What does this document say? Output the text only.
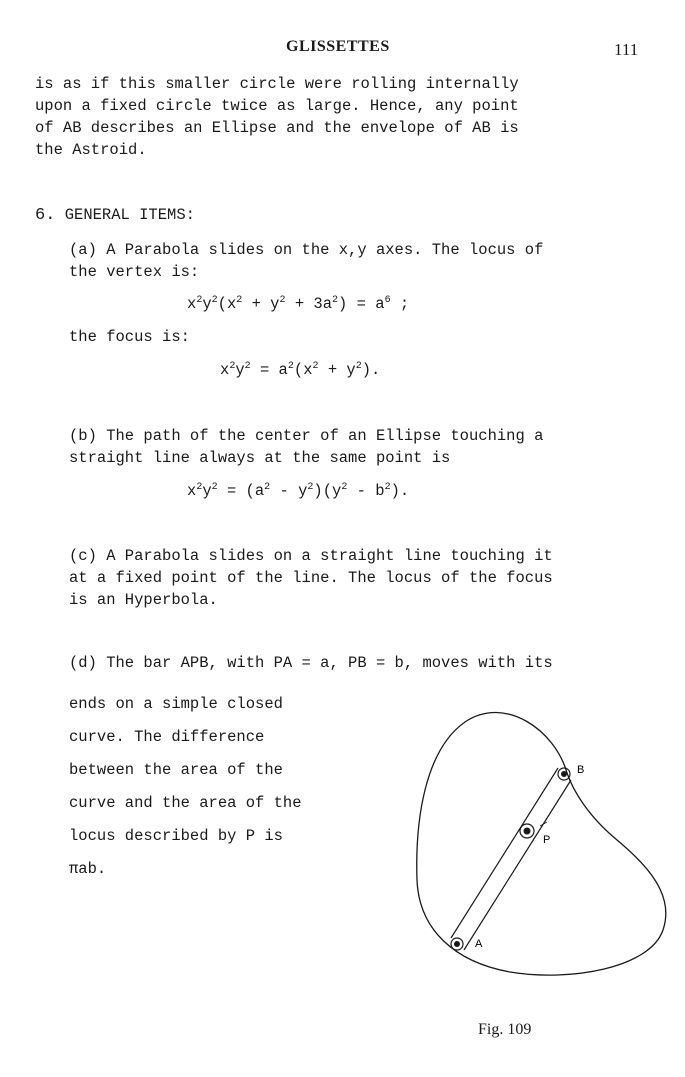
GLISSETTES	111
is as if this smaller circle were rolling internally
upon a fixed circle twice as large. Hence, any point
of AB describes an Ellipse and the envelope of AB is
the Astroid.
6. GENERAL ITEMS:
(a) A Parabola slides on the x,y axes. The locus of
the vertex is:
$x^2y^2(x^2 + y^2 + 3a^2) = a^6$ ;
the focus is:
$x^2y^2 = a^2(x^2 + y^2)$.
(b) The path of the center of an Ellipse touching a
straight line always at the same point is
$x^2y^2 = (a^2 - y^2)(y^2 - b^2)$.
(c) A Parabola slides on a straight line touching it
at a fixed point of the line. The locus of the focus
is an Hyperbola.
(d) The bar APB, with PA = a, PB = b, moves with its
ends on a simple closed
curve. The difference
between the area of the
curve and the area of the
locus described by P is
πab.
B
P
A
Fig. 109
